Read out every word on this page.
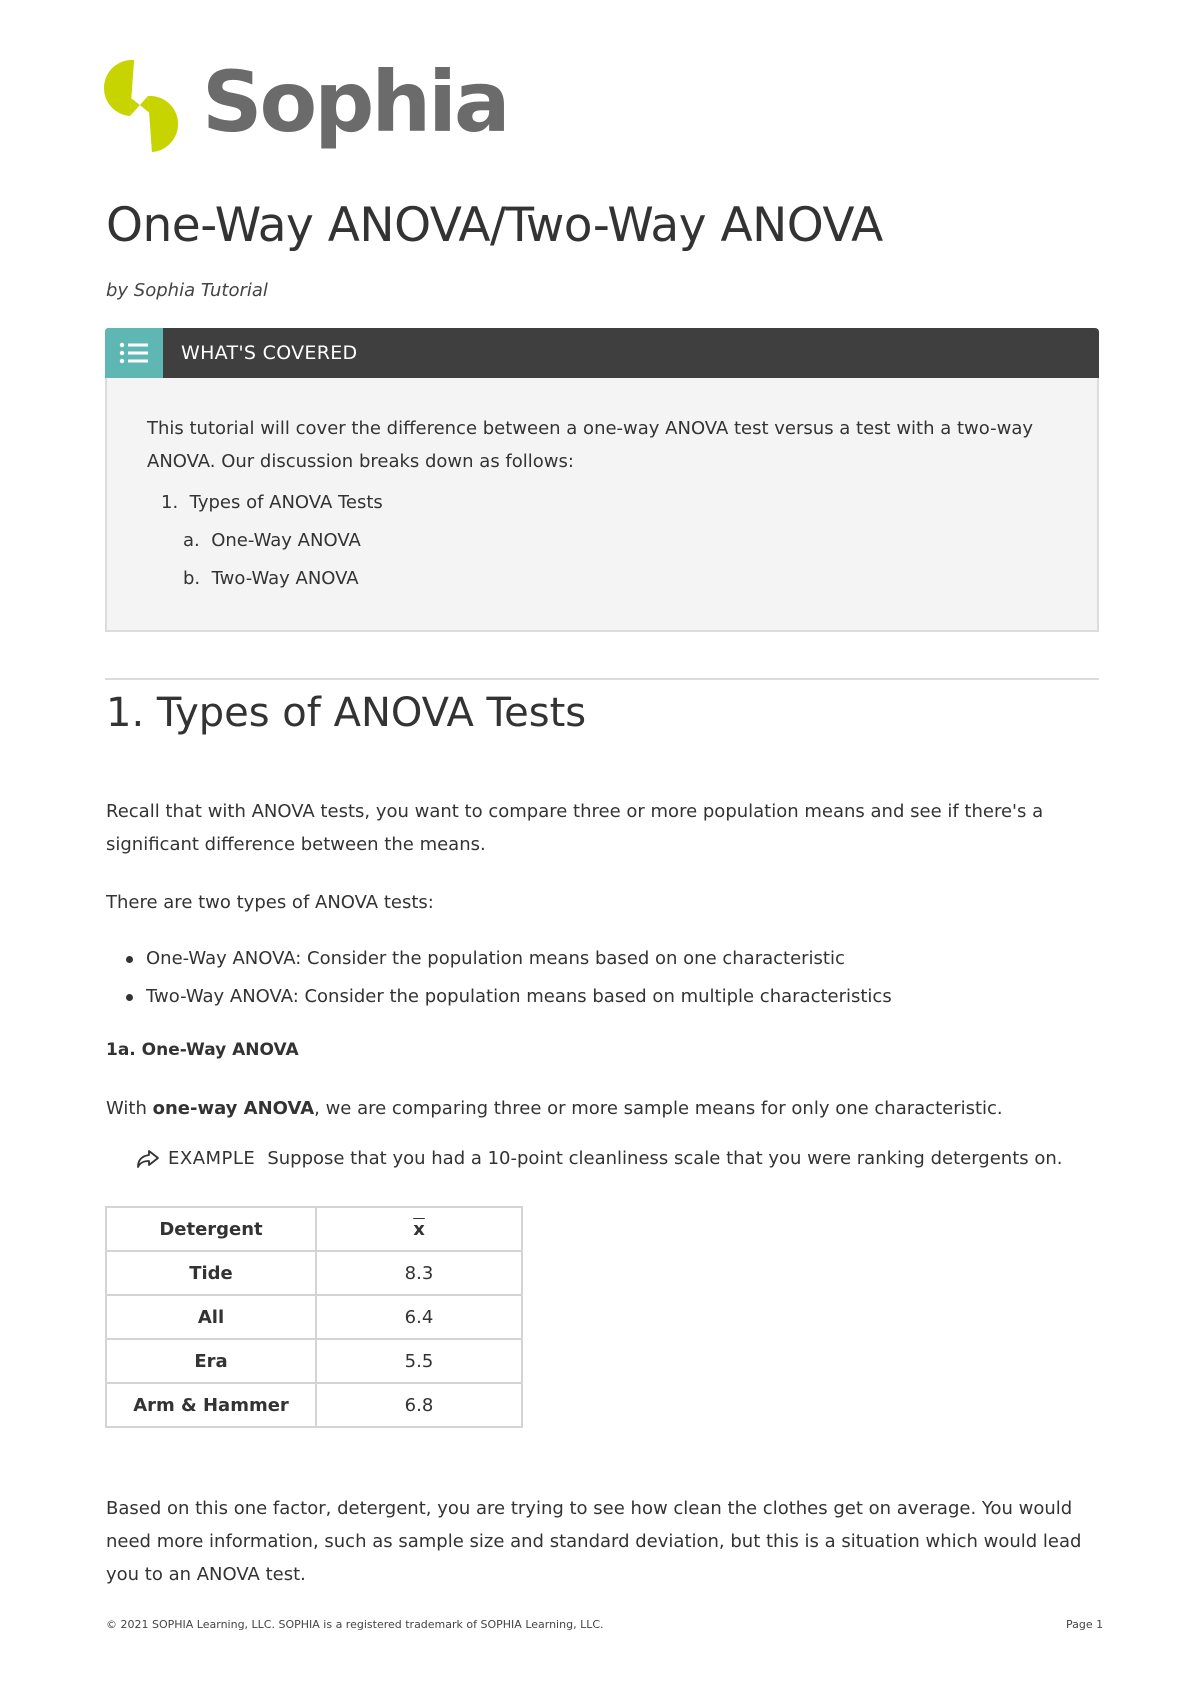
Sophia
One-Way ANOVA/Two-Way ANOVA
by Sophia Tutorial
WHAT'S COVERED
This tutorial will cover the difference between a one-way ANOVA test versus a test with a two-way ANOVA. Our discussion breaks down as follows:
1. Types of ANOVA Tests
a. One-Way ANOVA
b. Two-Way ANOVA
1. Types of ANOVA Tests
Recall that with ANOVA tests, you want to compare three or more population means and see if there's a significant difference between the means.
There are two types of ANOVA tests:
One-Way ANOVA: Consider the population means based on one characteristic
Two-Way ANOVA: Consider the population means based on multiple characteristics
1a. One-Way ANOVA
With one-way ANOVA, we are comparing three or more sample means for only one characteristic.
EXAMPLE Suppose that you had a 10-point cleanliness scale that you were ranking detergents on.
Detergent	$\overline{x}$
Tide	8.3
All	6.4
Era	5.5
Arm & Hammer	6.8
Based on this one factor, detergent, you are trying to see how clean the clothes get on average. You would need more information, such as sample size and standard deviation, but this is a situation which would lead you to an ANOVA test.
© 2021 SOPHIA Learning, LLC. SOPHIA is a registered trademark of SOPHIA Learning, LLC.	Page 1
